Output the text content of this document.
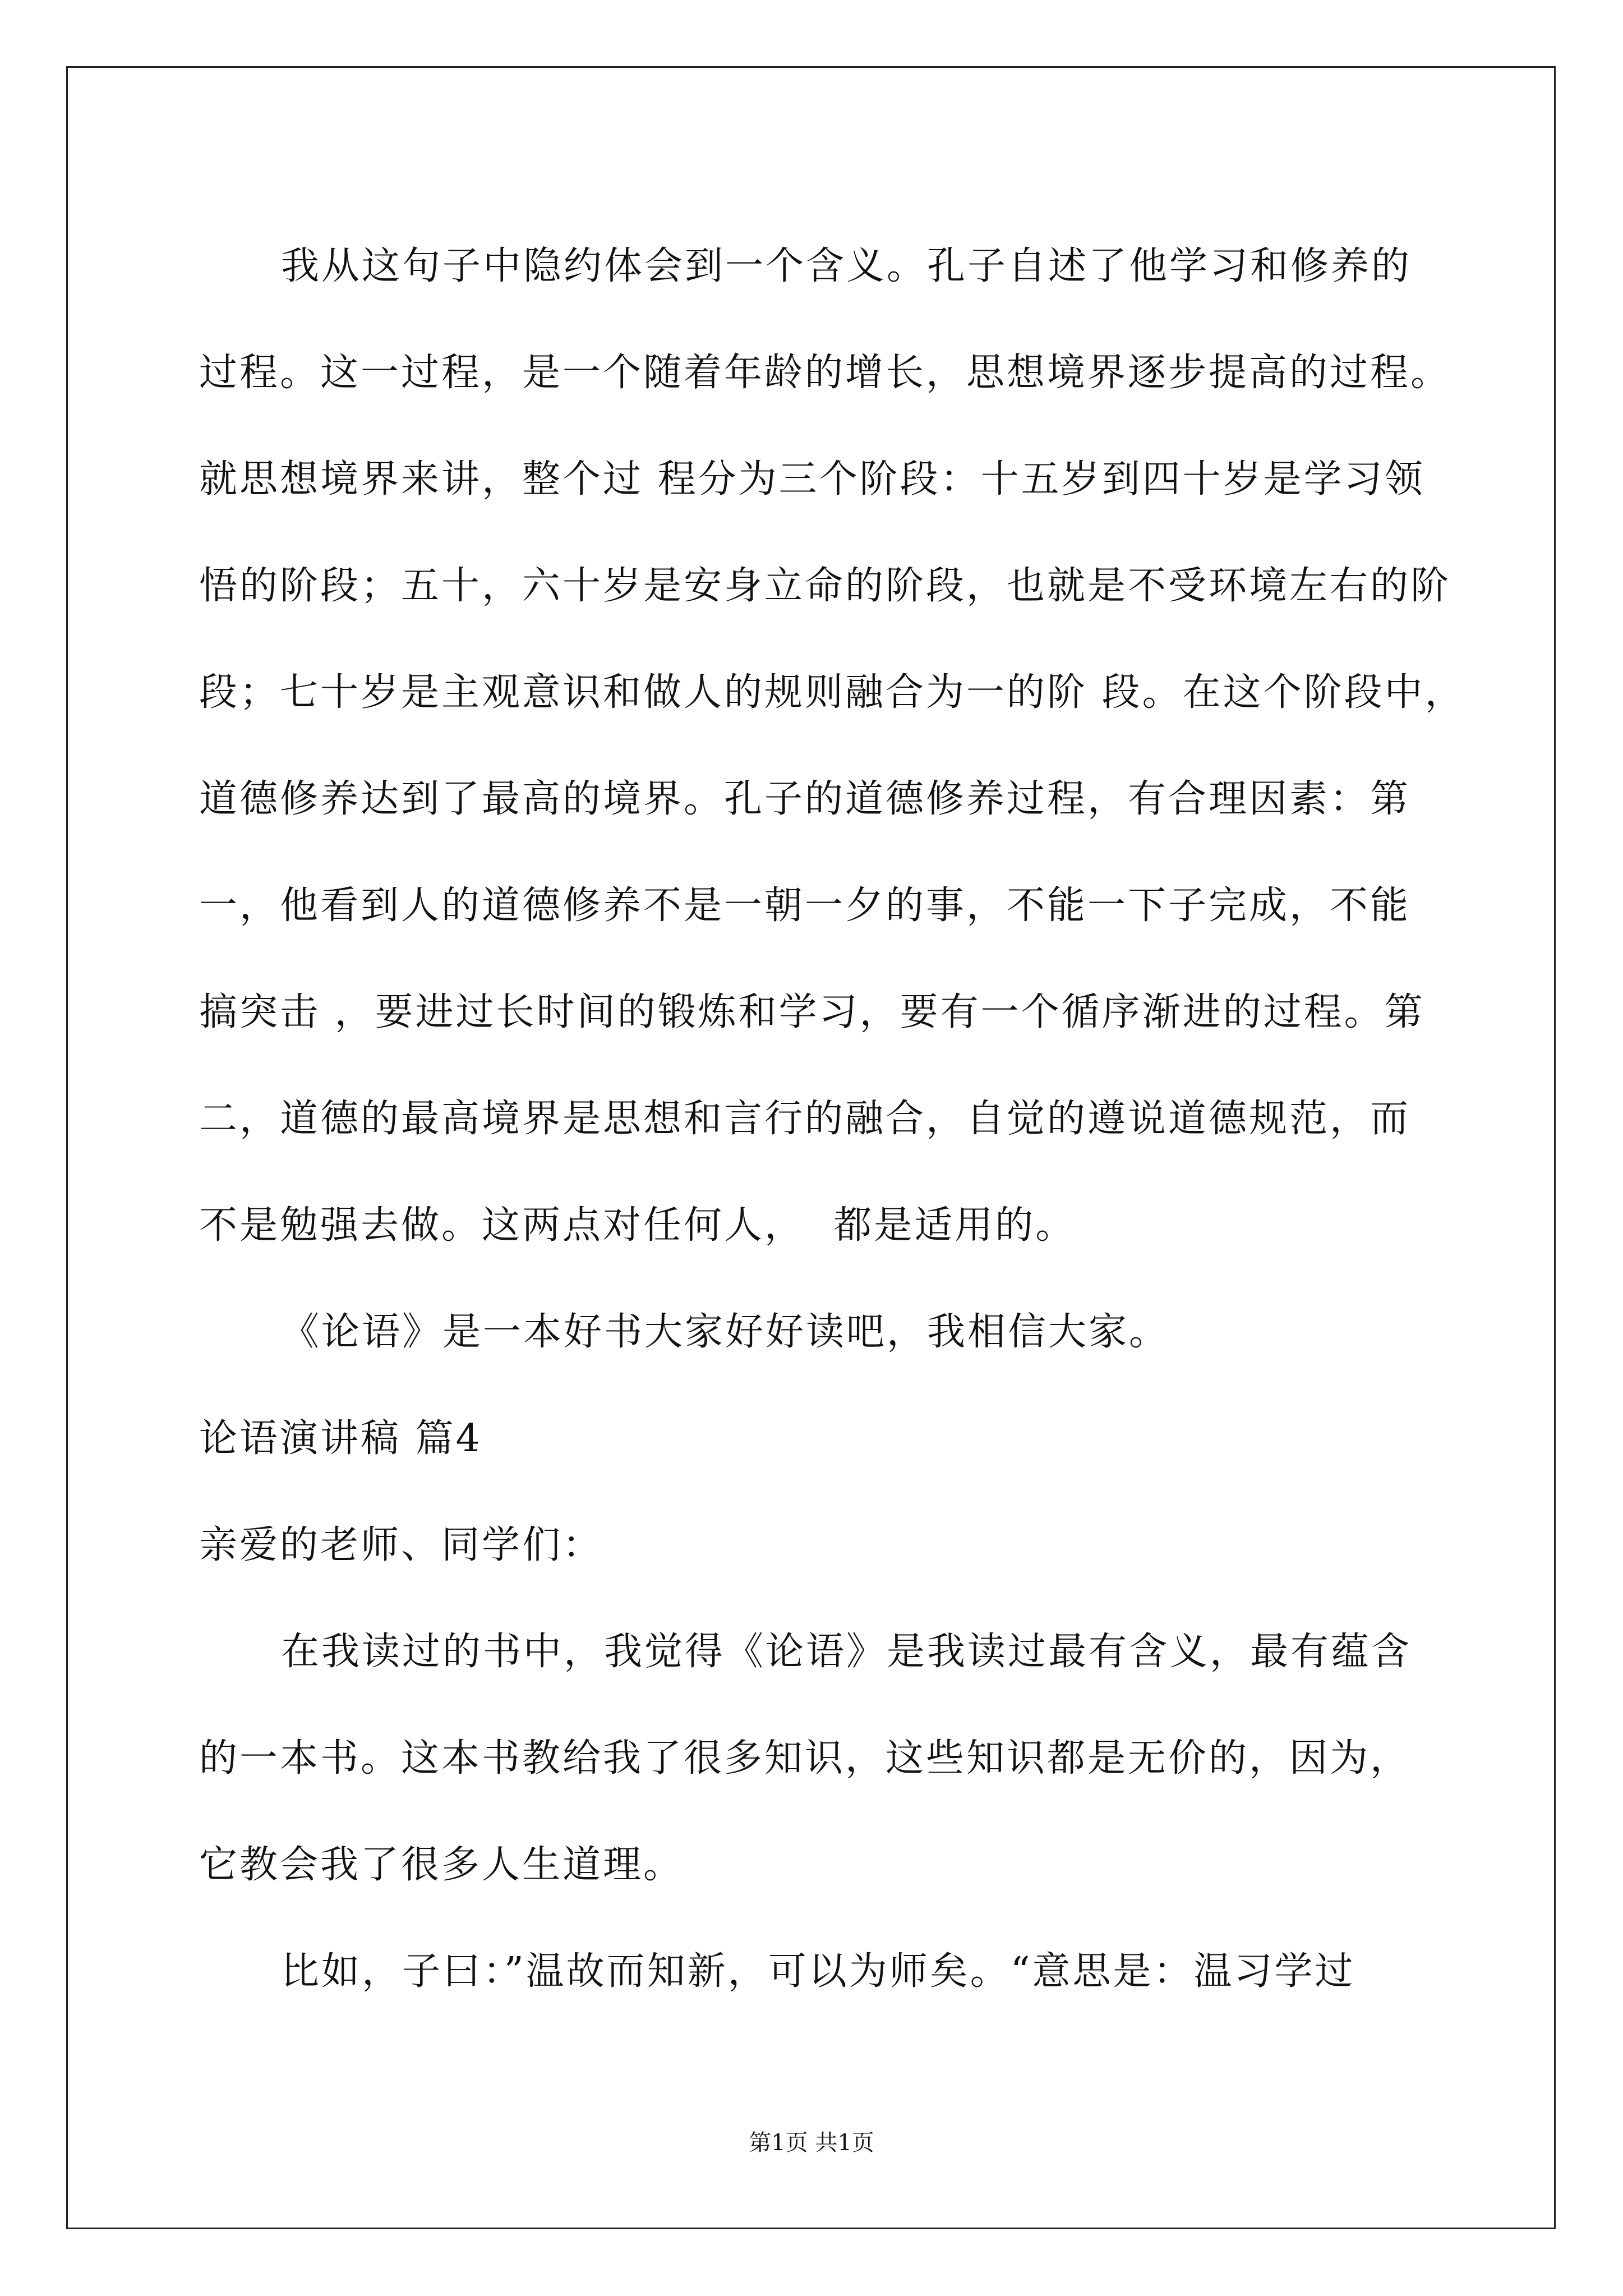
我从这句子中隐约体会到一个含义。孔子自述了他学习和修养的
过程。这一过程，是一个随着年龄的增长，思想境界逐步提高的过程。
就思想境界来讲，整个过 程分为三个阶段：十五岁到四十岁是学习领
悟的阶段；五十，六十岁是安身立命的阶段，也就是不受环境左右的阶
段；七十岁是主观意识和做人的规则融合为一的阶 段。在这个阶段中，
道德修养达到了最高的境界。孔子的道德修养过程，有合理因素：第
一，他看到人的道德修养不是一朝一夕的事，不能一下子完成，不能
搞突击 ，要进过长时间的锻炼和学习，要有一个循序渐进的过程。第
二，道德的最高境界是思想和言行的融合，自觉的遵说道德规范，而
不是勉强去做。这两点对任何人，  都是适用的。
《论语》是一本好书大家好好读吧，我相信大家。
论语演讲稿 篇4
亲爱的老师、同学们：
在我读过的书中，我觉得《论语》是我读过最有含义，最有蕴含
的一本书。这本书教给我了很多知识，这些知识都是无价的，因为，
它教会我了很多人生道理。
比如，子曰：”温故而知新，可以为师矣。“意思是：温习学过
第1页 共1页
